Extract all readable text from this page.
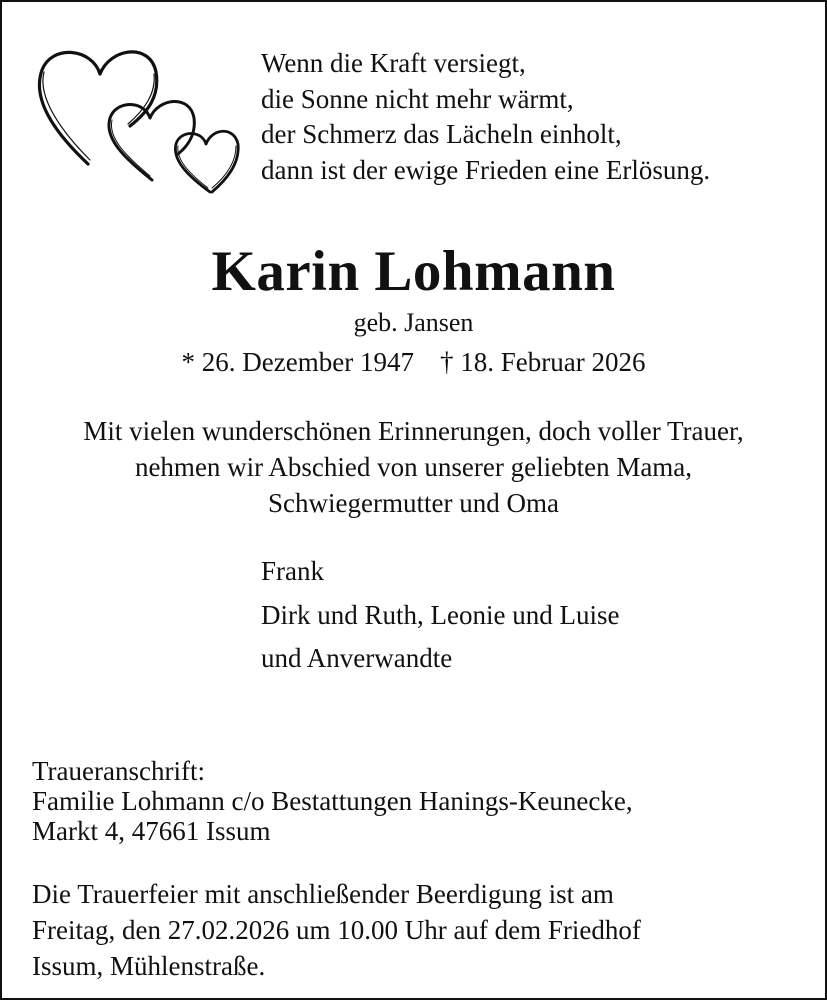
Wenn die Kraft versiegt,
die Sonne nicht mehr wärmt,
der Schmerz das Lächeln einholt,
dann ist der ewige Frieden eine Erlösung.
Karin Lohmann
geb. Jansen
* 26. Dezember 1947 † 18. Februar 2026
Mit vielen wunderschönen Erinnerungen, doch voller Trauer,
nehmen wir Abschied von unserer geliebten Mama,
Schwiegermutter und Oma
Frank
Dirk und Ruth, Leonie und Luise
und Anverwandte
Traueranschrift:
Familie Lohmann c/o Bestattungen Hanings-Keunecke,
Markt 4, 47661 Issum
Die Trauerfeier mit anschließender Beerdigung ist am
Freitag, den 27.02.2026 um 10.00 Uhr auf dem Friedhof
Issum, Mühlenstraße.
